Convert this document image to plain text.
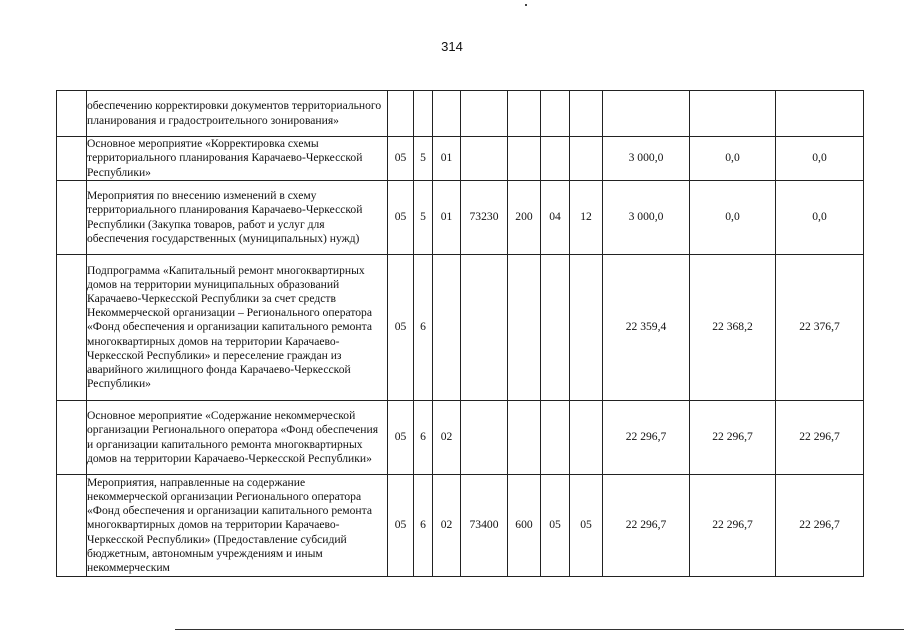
314
	обеспечению корректировки документов территориального планирования и градостроительного зонирования»										
	Основное мероприятие «Корректировка схемы территориального планирования Карачаево-Черкесской Республики»	05	5	01					3 000,0	0,0	0,0
	Мероприятия по внесению изменений в схему территориального планирования Карачаево-Черкесской Республики (Закупка товаров, работ и услуг для обеспечения государственных (муниципальных) нужд)	05	5	01	73230	200	04	12	3 000,0	0,0	0,0
	Подпрограмма «Капитальный ремонт многоквартирных домов на территории муниципальных образований Карачаево-Черкесской Республики за счет средств Некоммерческой организации – Регионального оператора «Фонд обеспечения и организации капитального ремонта многоквартирных домов на территории Карачаево-Черкесской Республики» и переселение граждан из аварийного жилищного фонда Карачаево-Черкесской Республики»	05	6						22 359,4	22 368,2	22 376,7
	Основное мероприятие «Содержание некоммерческой организации Регионального оператора «Фонд обеспечения и организации капитального ремонта многоквартирных домов на территории Карачаево-Черкесской Республики»	05	6	02					22 296,7	22 296,7	22 296,7
	Мероприятия, направленные на содержание некоммерческой организации Регионального оператора «Фонд обеспечения и организации капитального ремонта многоквартирных домов на территории Карачаево-Черкесской Республики» (Предоставление субсидий бюджетным, автономным учреждениям и иным некоммерческим	05	6	02	73400	600	05	05	22 296,7	22 296,7	22 296,7
